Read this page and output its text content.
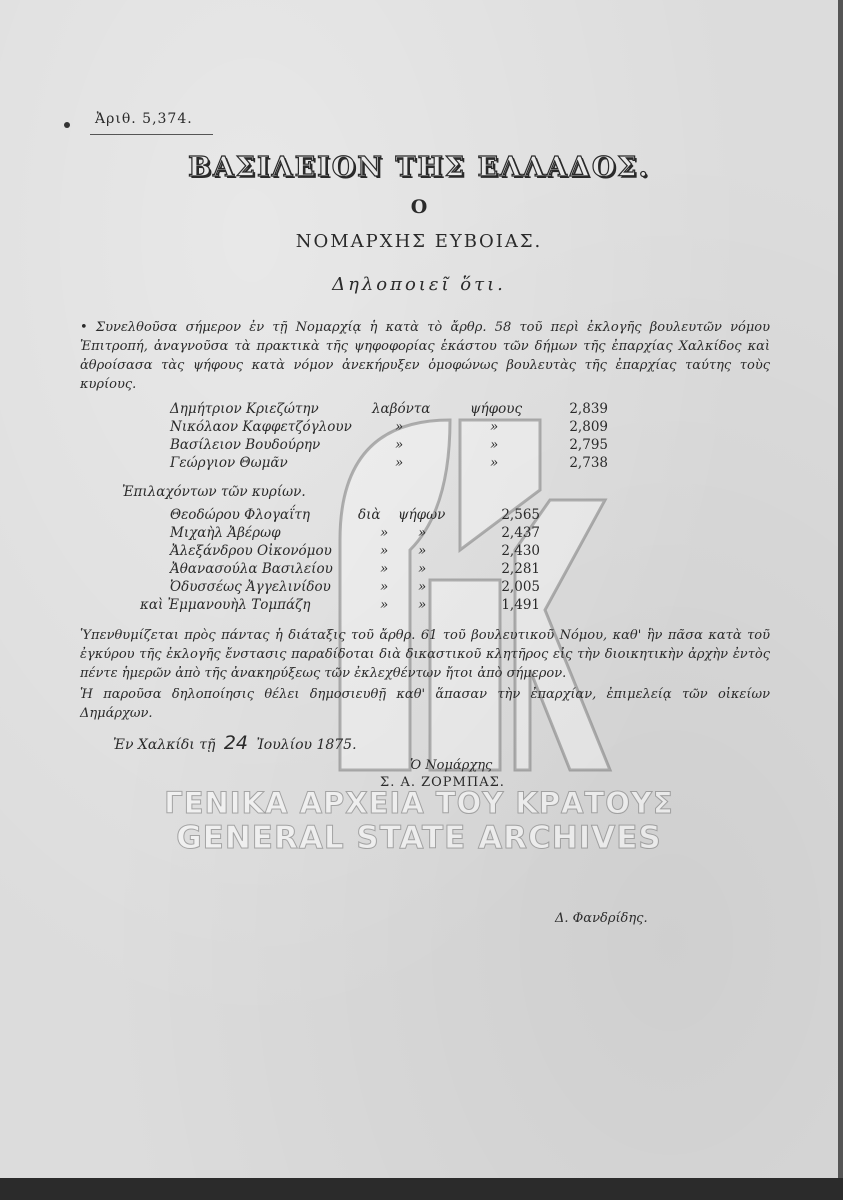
ΓΕΝΙΚΑ ΑΡΧΕΙΑ ΤΟΥ ΚΡΑΤΟΥΣ
GENERAL STATE ARCHIVES
Ἀριθ. 5,374.
ΒΑΣΙΛΕΙΟΝ ΤΗΣ ΕΛΛΑΔΟΣ.
Ο
ΝΟΜΑΡΧΗΣ ΕΥΒΟΙΑΣ.
Δηλοποιεῖ ὅτι.
• Συνελθοῦσα σήμερον ἐν τῇ Νομαρχίᾳ ἡ κατὰ τὸ ἄρθρ. 58 τοῦ περὶ ἐκλογῆς βουλευτῶν νόμου Ἐπιτροπή, ἀναγνοῦσα τὰ πρακτικὰ τῆς ψηφοφορίας ἑκάστου τῶν δήμων τῆς ἐπαρχίας Χαλκίδος καὶ ἀθροίσασα τὰς ψήφους κατὰ νόμον ἀνεκήρυξεν ὁμοφώνως βουλευτὰς τῆς ἐπαρχίας ταύτης τοὺς κυρίους.
Δημήτριον Κριεζώτην	λαβόντα	ψήφους	2,839
Νικόλαον Καφφετζόγλουν	»	»	2,809
Βασίλειον Βουδούρην	»	»	2,795
Γεώργιον Θωμᾶν	»	»	2,738
Ἐπιλαχόντων τῶν κυρίων.
Θεοδώρου Φλογαΐτη	διὰ ψήφων	2,565
Μιχαὴλ Ἀβέρωφ	» »	2,437
Ἀλεξάνδρου Οἰκονόμου	» »	2,430
Ἀθανασούλα Βασιλείου	» »	2,281
Ὀδυσσέως Ἀγγελινίδου	» »	2,005
καὶ Ἐμμανουὴλ Τομπάζη	» »	1,491
Ὑπενθυμίζεται πρὸς πάντας ἡ διάταξις τοῦ ἄρθρ. 61 τοῦ βουλευτικοῦ Νόμου, καθ' ἣν πᾶσα κατὰ τοῦ ἐγκύρου τῆς ἐκλογῆς ἔνστασις παραδίδοται διὰ δικαστικοῦ κλητῆρος εἰς τὴν διοικητικὴν ἀρχὴν ἐντὸς πέντε ἡμερῶν ἀπὸ τῆς ἀνακηρύξεως τῶν ἐκλεχθέντων ἤτοι ἀπὸ σήμερον.
Ἡ παροῦσα δηλοποίησις θέλει δημοσιευθῇ καθ' ἅπασαν τὴν ἐπαρχίαν, ἐπιμελείᾳ τῶν οἰκείων Δημάρχων.
Ἐν Χαλκίδι τῇ 24 Ἰουλίου 1875.
Ὁ Νομάρχης
Σ. Α. ΖΟΡΜΠΑΣ.
Δ. Φανδρίδης.
